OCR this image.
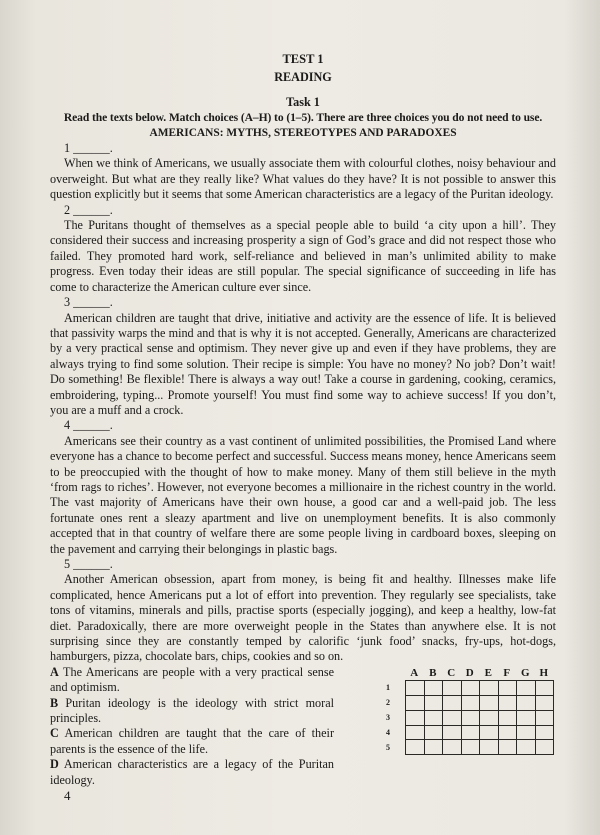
TEST 1
READING
Task 1
Read the texts below. Match choices (A–H) to (1–5). There are three choices you do not need to use.
AMERICANS: MYTHS, STEREOTYPES AND PARADOXES
1 ______.

When we think of Americans, we usually associate them with colourful clothes, noisy behaviour and overweight. But what are they really like? What values do they have? It is not possible to answer this question explicitly but it seems that some American characteristics are a legacy of the Puritan ideology.

2 ______.

The Puritans thought of themselves as a special people able to build ‘a city upon a hill’. They considered their success and increasing prosperity a sign of God’s grace and did not respect those who failed. They promoted hard work, self-reliance and believed in man’s unlimited ability to make progress. Even today their ideas are still popular. The special significance of succeeding in life has come to characterize the American culture ever since.

3 ______.

American children are taught that drive, initiative and activity are the essence of life. It is believed that passivity warps the mind and that is why it is not accepted. Generally, Americans are characterized by a very practical sense and optimism. They never give up and even if they have problems, they are always trying to find some solution. Their recipe is simple: You have no money? No job? Don’t wait! Do something! Be flexible! There is always a way out! Take a course in gardening, cooking, ceramics, embroidering, typing... Promote yourself! You must find some way to achieve success! If you don’t, you are a muff and a crock.

4 ______.

Americans see their country as a vast continent of unlimited possibilities, the Promised Land where everyone has a chance to become perfect and successful. Success means money, hence Americans seem to be preoccupied with the thought of how to make money. Many of them still believe in the myth ‘from rags to riches’. However, not everyone becomes a millionaire in the richest country in the world. The vast majority of Americans have their own house, a good car and a well-paid job. The less fortunate ones rent a sleazy apartment and live on unemployment benefits. It is also commonly accepted that in that country of welfare there are some people living in cardboard boxes, sleeping on the pavement and carrying their belongings in plastic bags.

5 ______.

Another American obsession, apart from money, is being fit and healthy. Illnesses make life complicated, hence Americans put a lot of effort into prevention. They regularly see specialists, take tons of vitamins, minerals and pills, practise sports (especially jogging), and keep a healthy, low-fat diet. Paradoxically, there are more overweight people in the States than anywhere else. It is not surprising since they are constantly temped by calorific ‘junk food’ snacks, fry-ups, hot-dogs, hamburgers, pizza, chocolate bars, chips, cookies and so on.

A The Americans are people with a very practical sense and optimism.

B Puritan ideology is the ideology with strict moral principles.

C American children are taught that the care of their parents is the essence of the life.

D American characteristics are a legacy of the Puritan ideology.

A B C D E	F G H
1
2
3
4
5
4
